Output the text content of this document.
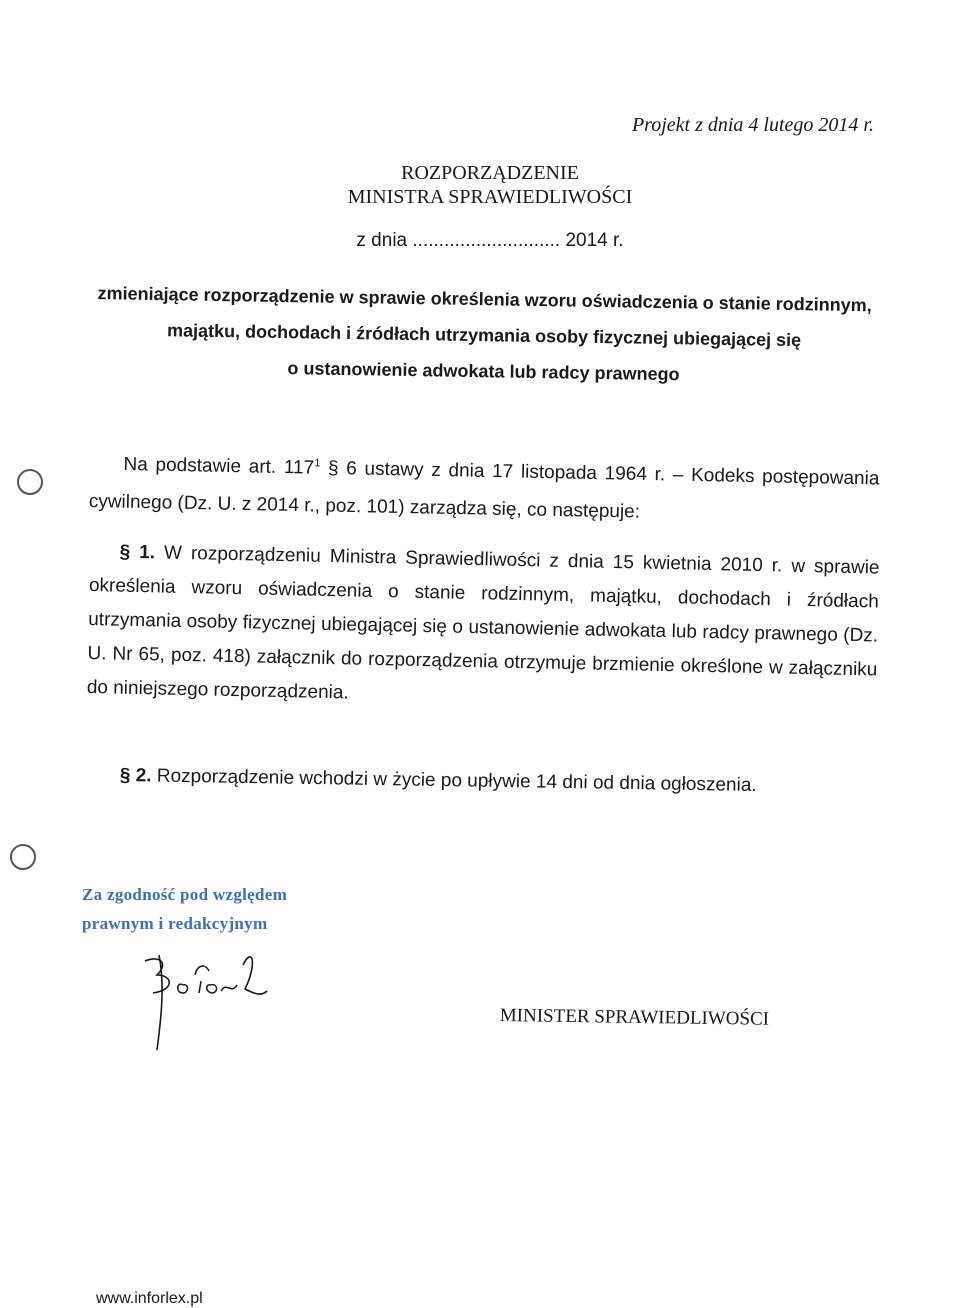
Projekt z dnia 4 lutego 2014 r.
ROZPORZĄDZENIE
MINISTRA SPRAWIEDLIWOŚCI
z dnia ............................ 2014 r.
zmieniające rozporządzenie w sprawie określenia wzoru oświadczenia o stanie rodzinnym,
majątku, dochodach i źródłach utrzymania osoby fizycznej ubiegającej się
o ustanowienie adwokata lub radcy prawnego
Na podstawie art. $117^1$ § 6 ustawy z dnia 17 listopada 1964 r. – Kodeks postępowania cywilnego (Dz. U. z 2014 r., poz. 101) zarządza się, co następuje:
§ 1. W rozporządzeniu Ministra Sprawiedliwości z dnia 15 kwietnia 2010 r. w sprawie określenia wzoru oświadczenia o stanie rodzinnym, majątku, dochodach i źródłach utrzymania osoby fizycznej ubiegającej się o ustanowienie adwokata lub radcy prawnego (Dz. U. Nr 65, poz. 418) załącznik do rozporządzenia otrzymuje brzmienie określone w załączniku do niniejszego rozporządzenia.
§ 2. Rozporządzenie wchodzi w życie po upływie 14 dni od dnia ogłoszenia.
Za zgodność pod względem
prawnym i redakcyjnym
MINISTER SPRAWIEDLIWOŚCI
www.inforlex.pl
